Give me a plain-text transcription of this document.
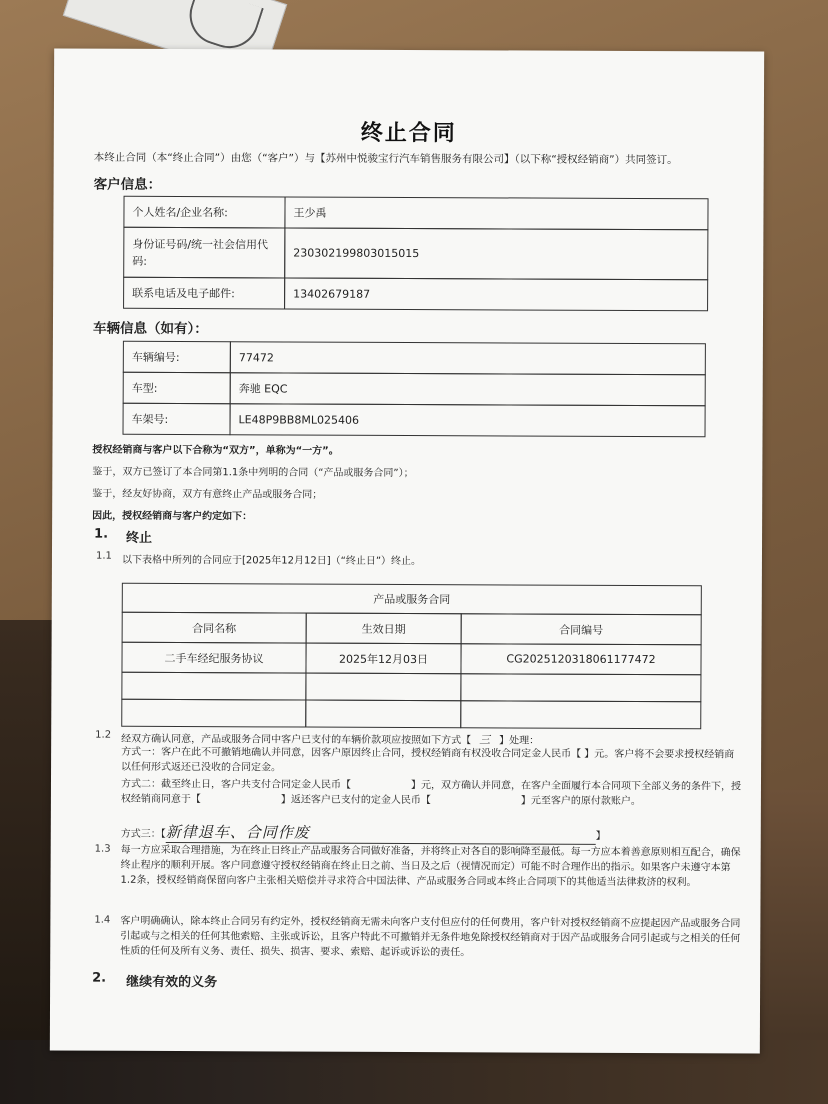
终止合同
本终止合同（本“终止合同”）由您（“客户”）与【苏州中悦骏宝行汽车销售服务有限公司】（以下称“授权经销商”）共同签订。
客户信息：
个人姓名/企业名称:	王少禹
身份证号码/统一社会信用代码:
230302199803015015
联系电话及电子邮件:	13402679187
车辆信息（如有）：
车辆编号:	77472
车型:	奔驰 EQC
车架号:	LE48P9BB8ML025406
授权经销商与客户以下合称为“双方”，单称为“一方”。
鉴于，双方已签订了本合同第1.1条中列明的合同（“产品或服务合同”）；
鉴于，经友好协商，双方有意终止产品或服务合同；
因此，授权经销商与客户约定如下：
1. 终止
1.1 以下表格中所列的合同应于[2025年12月12日]（“终止日”）终止。
产品或服务合同
合同名称	生效日期	合同编号
二手车经纪服务协议	2025年12月03日	CG2025120318061177472
1.2 经双方确认同意，产品或服务合同中客户已支付的车辆价款项应按照如下方式【 三 】处理：
方式一：客户在此不可撤销地确认并同意，因客户原因终止合同，授权经销商有权没收合同定金人民币【 】元。客户将不会要求授权经销商以任何形式返还已没收的合同定金。
方式二：截至终止日，客户共支付合同定金人民币【　　　　　　】元，双方确认并同意，在客户全面履行本合同项下全部义务的条件下，授权经销商同意于【　　　　　　　　】返还客户已支付的定金人民币【　　　　　　　　　】元至客户的原付款账户。
方式三：【新律退车、合同作废	】
1.3 每一方应采取合理措施，为在终止日终止产品或服务合同做好准备，并将终止对各自的影响降至最低。每一方应本着善意原则相互配合，确保终止程序的顺利开展。客户同意遵守授权经销商在终止日之前、当日及之后（视情况而定）可能不时合理作出的指示。如果客户未遵守本第1.2条，授权经销商保留向客户主张相关赔偿并寻求符合中国法律、产品或服务合同或本终止合同项下的其他适当法律救济的权利。
1.4 客户明确确认，除本终止合同另有约定外，授权经销商无需未向客户支付但应付的任何费用，客户针对授权经销商不应提起因产品或服务合同引起或与之相关的任何其他索赔、主张或诉讼，且客户特此不可撤销并无条件地免除授权经销商对于因产品或服务合同引起或与之相关的任何性质的任何及所有义务、责任、损失、损害、要求、索赔、起诉或诉讼的责任。
2. 继续有效的义务
